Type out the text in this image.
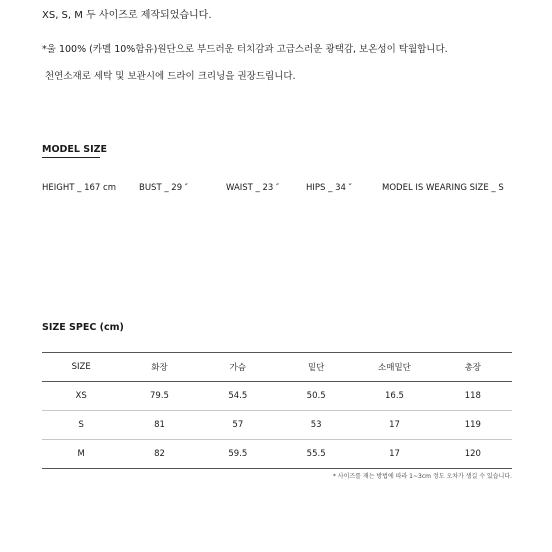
XS, S, M 두 사이즈로 제작되었습니다.
*울 100% (카멜 10%함유)원단으로 부드러운 터치감과 고급스러운 광택감, 보온성이 탁월합니다.
천연소재로 세탁 및 보관시에 드라이 크리닝을 권장드립니다.
MODEL SIZE
HEIGHT _ 167 cm	BUST _ 29 ″	WAIST _ 23 ″	HIPS _ 34 ″	MODEL IS WEARING SIZE _ S
SIZE SPEC (cm)
SIZE	화장	가슴	밑단	소매밑단	총장
XS	79.5	54.5	50.5	16.5	118
S	81	57	53	17	119
M	82	59.5	55.5	17	120
* 사이즈를 재는 방법에 따라 1~3cm 정도 오차가 생길 수 있습니다.
